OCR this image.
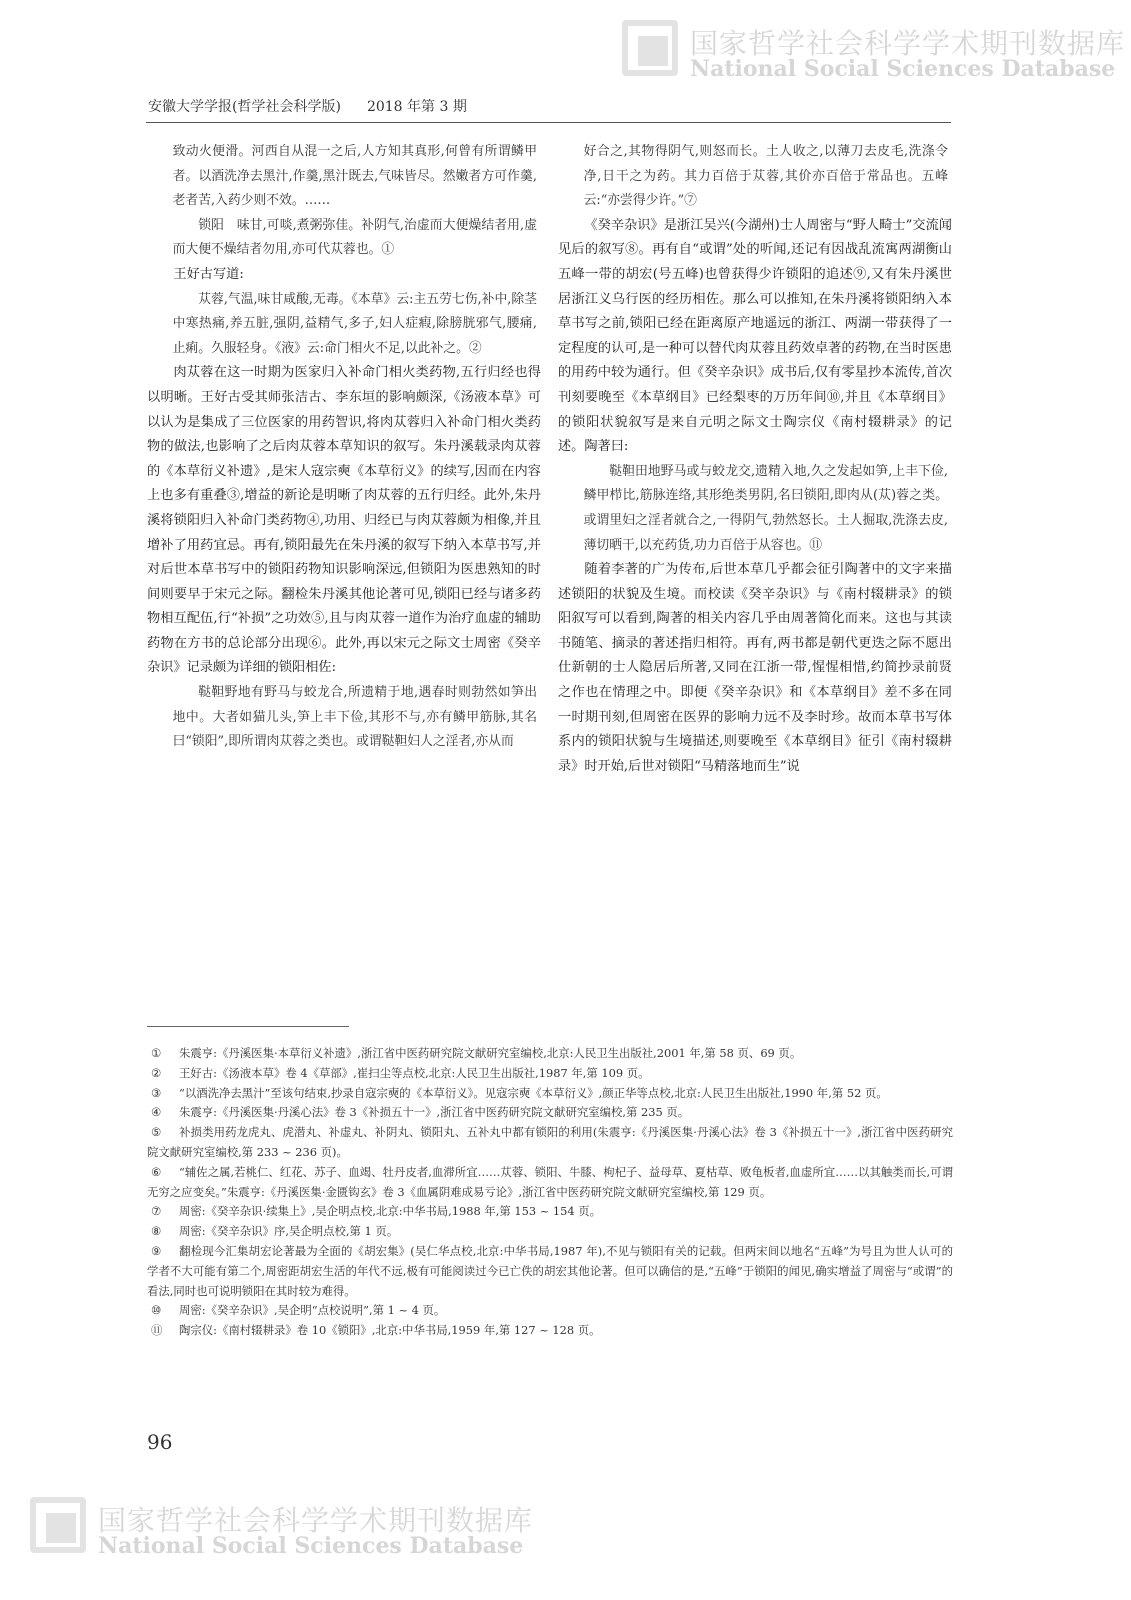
国家哲学社会科学学术期刊数据库
National Social Sciences Database
安徽大学学报(哲学社会科学版) 2018 年第 3 期

致动火便滑。河西自从混一之后,人方知其真形,何曾有所谓鳞甲者。以酒洗净去黑汁,作羹,黑汁既去,气味皆尽。然嫩者方可作羹,老者苦,入药少则不效。……

锁阳　味甘,可啖,煮粥弥佳。补阴气,治虚而大便燥结者用,虚而大便不燥结者勿用,亦可代苁蓉也。①

王好古写道:

苁蓉,气温,味甘咸酸,无毒。《本草》云:主五劳七伤,补中,除茎中寒热痛,养五脏,强阴,益精气,多子,妇人症瘕,除膀胱邪气,腰痛,止痢。久服轻身。《液》云:命门相火不足,以此补之。②

肉苁蓉在这一时期为医家归入补命门相火类药物,五行归经也得以明晰。王好古受其师张洁古、李东垣的影响颇深,《汤液本草》可以认为是集成了三位医家的用药智识,将肉苁蓉归入补命门相火类药物的做法,也影响了之后肉苁蓉本草知识的叙写。朱丹溪载录肉苁蓉的《本草衍义补遗》,是宋人寇宗奭《本草衍义》的续写,因而在内容上也多有重叠③,增益的新论是明晰了肉苁蓉的五行归经。此外,朱丹溪将锁阳归入补命门类药物④,功用、归经已与肉苁蓉颇为相像,并且增补了用药宜忌。再有,锁阳最先在朱丹溪的叙写下纳入本草书写,并对后世本草书写中的锁阳药物知识影响深远,但锁阳为医患熟知的时间则要早于宋元之际。翻检朱丹溪其他论著可见,锁阳已经与诸多药物相互配伍,行“补损”之功效⑤,且与肉苁蓉一道作为治疗血虚的辅助药物在方书的总论部分出现⑥。此外,再以宋元之际文士周密《癸辛杂识》记录颇为详细的锁阳相佐:

鞑靼野地有野马与蛟龙合,所遗精于地,遇春时则勃然如笋出地中。大者如猫儿头,笋上丰下俭,其形不与,亦有鳞甲筋脉,其名曰“锁阳”,即所谓肉苁蓉之类也。或谓鞑靼妇人之淫者,亦从而

好合之,其物得阴气,则怒而长。土人收之,以薄刀去皮毛,洗涤令净,日干之为药。其力百倍于苁蓉,其价亦百倍于常品也。五峰云:“亦尝得少许。”⑦

《癸辛杂识》是浙江吴兴(今湖州)士人周密与“野人畸士”交流闻见后的叙写⑧。再有自“或谓”处的听闻,还记有因战乱流寓两湖衡山五峰一带的胡宏(号五峰)也曾获得少许锁阳的追述⑨,又有朱丹溪世居浙江义乌行医的经历相佐。那么可以推知,在朱丹溪将锁阳纳入本草书写之前,锁阳已经在距离原产地遥远的浙江、两湖一带获得了一定程度的认可,是一种可以替代肉苁蓉且药效卓著的药物,在当时医患的用药中较为通行。但《癸辛杂识》成书后,仅有零星抄本流传,首次刊刻要晚至《本草纲目》已经梨枣的万历年间⑩,并且《本草纲目》的锁阳状貌叙写是来自元明之际文士陶宗仪《南村辍耕录》的记述。陶著曰:

鞑靼田地野马或与蛟龙交,遗精入地,久之发起如笋,上丰下俭,鳞甲栉比,筋脉连络,其形绝类男阴,名曰锁阳,即肉从(苁)蓉之类。或谓里妇之淫者就合之,一得阴气,勃然怒长。土人掘取,洗涤去皮,薄切晒干,以充药货,功力百倍于从容也。⑪

随着李著的广为传布,后世本草几乎都会征引陶著中的文字来描述锁阳的状貌及生境。而校读《癸辛杂识》与《南村辍耕录》的锁阳叙写可以看到,陶著的相关内容几乎由周著简化而来。这也与其读书随笔、摘录的著述指归相符。再有,两书都是朝代更迭之际不愿出仕新朝的士人隐居后所著,又同在江浙一带,惺惺相惜,约简抄录前贤之作也在情理之中。即便《癸辛杂识》和《本草纲目》差不多在同一时期刊刻,但周密在医界的影响力远不及李时珍。故而本草书写体系内的锁阳状貌与生境描述,则要晚至《本草纲目》征引《南村辍耕录》时开始,后世对锁阳“马精落地而生”说

① 朱震亨:《丹溪医集·本草衍义补遗》,浙江省中医药研究院文献研究室编校,北京:人民卫生出版社,2001 年,第 58 页、69 页。

② 王好古:《汤液本草》卷 4《草部》,崔扫尘等点校,北京:人民卫生出版社,1987 年,第 109 页。

③ “以酒洗净去黑汁”至该句结束,抄录自寇宗奭的《本草衍义》。见寇宗奭《本草衍义》,颜正华等点校,北京:人民卫生出版社,1990 年,第 52 页。

④ 朱震亨:《丹溪医集·丹溪心法》卷 3《补损五十一》,浙江省中医药研究院文献研究室编校,第 235 页。

⑤ 补损类用药龙虎丸、虎潜丸、补虚丸、补阴丸、锁阳丸、五补丸中都有锁阳的利用(朱震亨:《丹溪医集·丹溪心法》卷 3《补损五十一》,浙江省中医药研究院文献研究室编校,第 233 ~ 236 页)。

⑥ “辅佐之属,若桃仁、红花、苏子、血竭、牡丹皮者,血滞所宜……苁蓉、锁阳、牛膝、枸杞子、益母草、夏枯草、败龟板者,血虚所宜……以其触类而长,可谓无穷之应变矣。”朱震亨:《丹溪医集·金匮钩玄》卷 3《血属阴难成易亏论》,浙江省中医药研究院文献研究室编校,第 129 页。

⑦ 周密:《癸辛杂识·续集上》,吴企明点校,北京:中华书局,1988 年,第 153 ~ 154 页。

⑧ 周密:《癸辛杂识》序,吴企明点校,第 1 页。

⑨ 翻检现今汇集胡宏论著最为全面的《胡宏集》(吴仁华点校,北京:中华书局,1987 年),不见与锁阳有关的记载。但两宋间以地名“五峰”为号且为世人认可的学者不大可能有第二个,周密距胡宏生活的年代不远,极有可能阅读过今已亡佚的胡宏其他论著。但可以确信的是,“五峰”于锁阳的闻见,确实增益了周密与“或谓”的看法,同时也可说明锁阳在其时较为难得。

⑩ 周密:《癸辛杂识》,吴企明“点校说明”,第 1 ~ 4 页。

⑪ 陶宗仪:《南村辍耕录》卷 10《锁阳》,北京:中华书局,1959 年,第 127 ~ 128 页。

96
国家哲学社会科学学术期刊数据库
National Social Sciences Database
